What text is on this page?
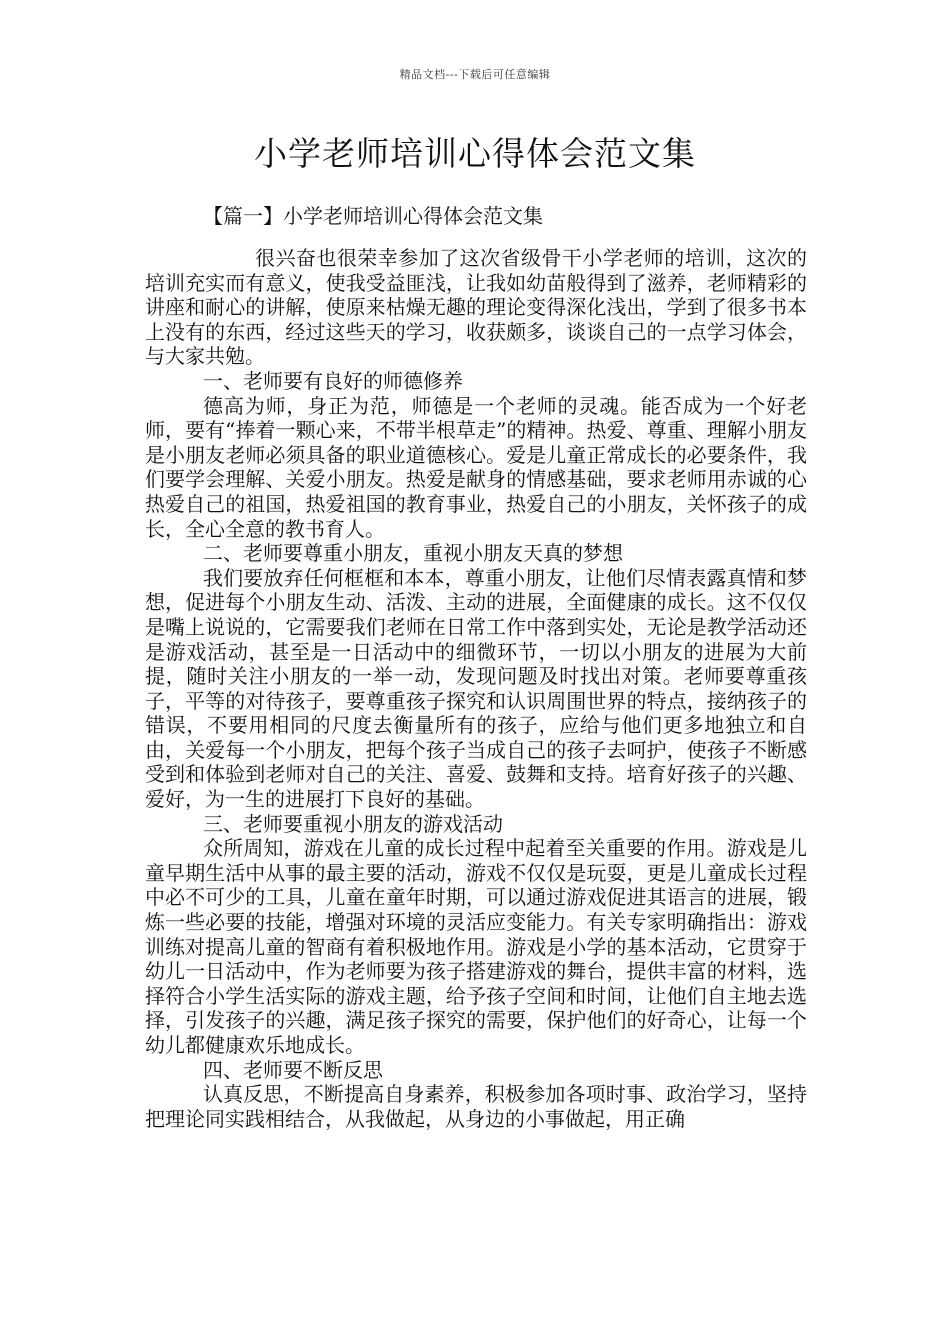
精品文档---下载后可任意编辑
小学老师培训心得体会范文集
【篇一】小学老师培训心得体会范文集

很兴奋也很荣幸参加了这次省级骨干小学老师的培训，这次的培训充实而有意义，使我受益匪浅，让我如幼苗般得到了滋养，老师精彩的讲座和耐心的讲解，使原来枯燥无趣的理论变得深化浅出，学到了很多书本上没有的东西，经过这些天的学习，收获颇多，谈谈自己的一点学习体会，与大家共勉。

一、老师要有良好的师德修养

德高为师，身正为范，师德是一个老师的灵魂。能否成为一个好老师，要有“捧着一颗心来，不带半根草走”的精神。热爱、尊重、理解小朋友是小朋友老师必须具备的职业道德核心。爱是儿童正常成长的必要条件，我们要学会理解、关爱小朋友。热爱是献身的情感基础，要求老师用赤诚的心热爱自己的祖国，热爱祖国的教育事业，热爱自己的小朋友，关怀孩子的成长，全心全意的教书育人。

二、老师要尊重小朋友，重视小朋友天真的梦想

我们要放弃任何框框和本本，尊重小朋友，让他们尽情表露真情和梦想，促进每个小朋友生动、活泼、主动的进展，全面健康的成长。这不仅仅是嘴上说说的，它需要我们老师在日常工作中落到实处，无论是教学活动还是游戏活动，甚至是一日活动中的细微环节，一切以小朋友的进展为大前提，随时关注小朋友的一举一动，发现问题及时找出对策。老师要尊重孩子，平等的对待孩子，要尊重孩子探究和认识周围世界的特点，接纳孩子的错误，不要用相同的尺度去衡量所有的孩子，应给与他们更多地独立和自由，关爱每一个小朋友，把每个孩子当成自己的孩子去呵护，使孩子不断感受到和体验到老师对自己的关注、喜爱、鼓舞和支持。培育好孩子的兴趣、爱好，为一生的进展打下良好的基础。

三、老师要重视小朋友的游戏活动

众所周知，游戏在儿童的成长过程中起着至关重要的作用。游戏是儿童早期生活中从事的最主要的活动，游戏不仅仅是玩耍，更是儿童成长过程中必不可少的工具，儿童在童年时期，可以通过游戏促进其语言的进展，锻炼一些必要的技能，增强对环境的灵活应变能力。有关专家明确指出：游戏训练对提高儿童的智商有着积极地作用。游戏是小学的基本活动，它贯穿于幼儿一日活动中，作为老师要为孩子搭建游戏的舞台，提供丰富的材料，选择符合小学生活实际的游戏主题，给予孩子空间和时间，让他们自主地去选择，引发孩子的兴趣，满足孩子探究的需要，保护他们的好奇心，让每一个幼儿都健康欢乐地成长。

四、老师要不断反思

认真反思，不断提高自身素养，积极参加各项时事、政治学习，坚持把理论同实践相结合，从我做起，从身边的小事做起，用正确
